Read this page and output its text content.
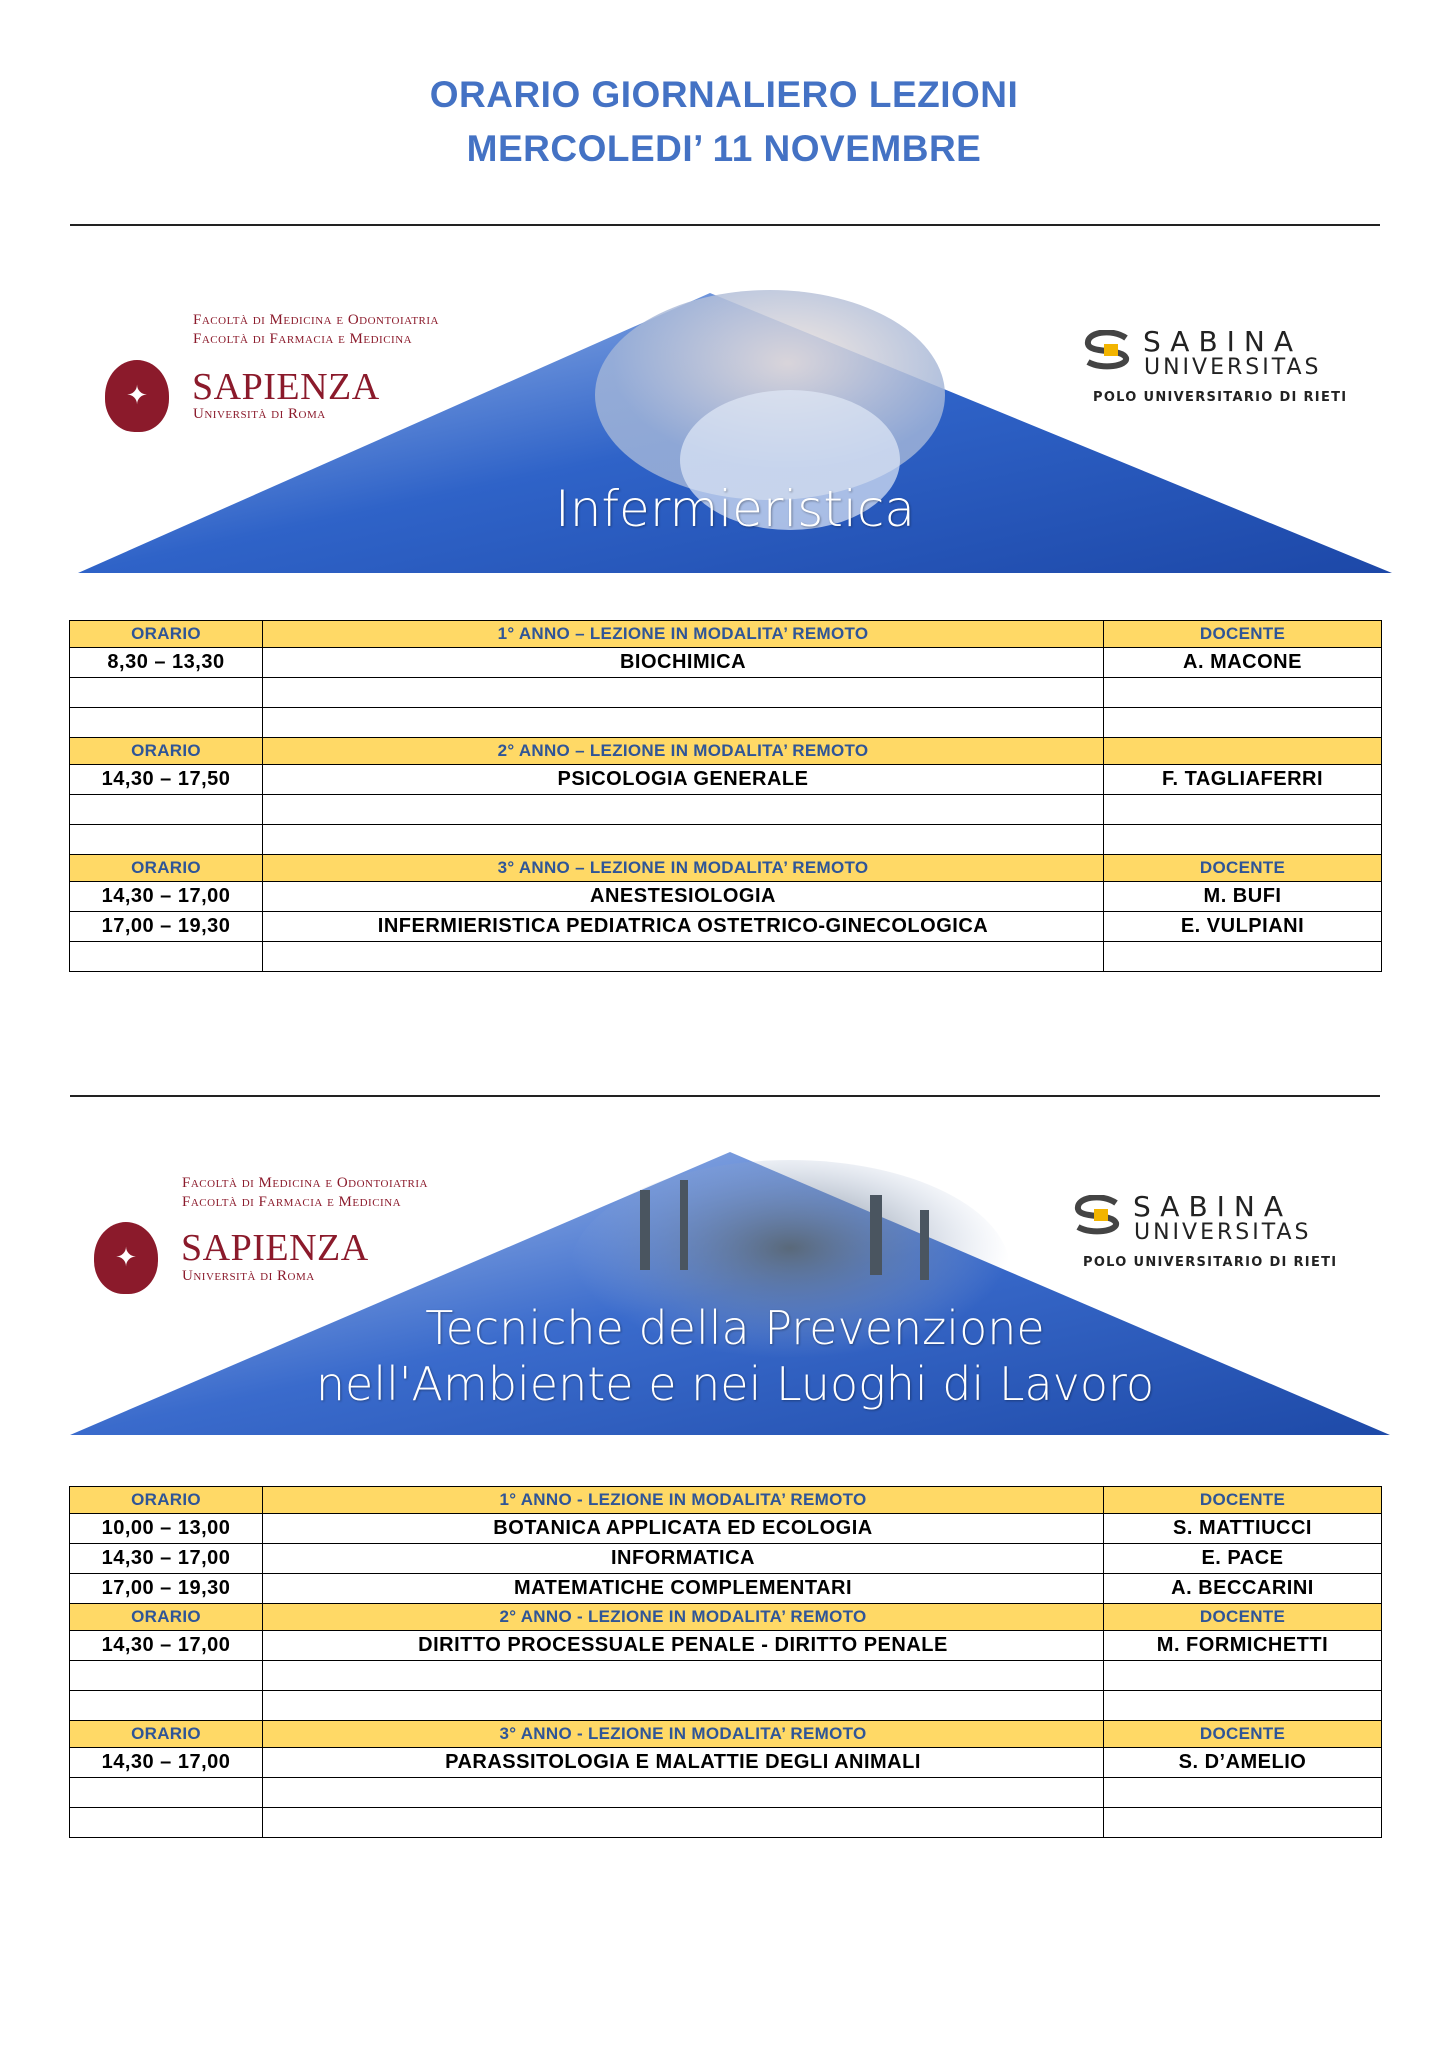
ORARIO GIORNALIERO LEZIONI
MERCOLEDI’ 11 NOVEMBRE
Facoltà di Medicina e Odontoiatria
Facoltà di Farmacia e Medicina
✦	SAPIENZA
Università di Roma
SABINA
UNIVERSITAS
POLO UNIVERSITARIO DI RIETI
Infermieristica
ORARIO	1° ANNO – LEZIONE IN MODALITA’ REMOTO	DOCENTE
8,30 – 13,30	BIOCHIMICA	A. MACONE

ORARIO	2° ANNO – LEZIONE IN MODALITA’ REMOTO	
14,30 – 17,50	PSICOLOGIA GENERALE	F. TAGLIAFERRI

ORARIO	3° ANNO – LEZIONE IN MODALITA’ REMOTO	DOCENTE
14,30 – 17,00	ANESTESIOLOGIA	M. BUFI
17,00 – 19,30	INFERMIERISTICA PEDIATRICA OSTETRICO-GINECOLOGICA	E. VULPIANI

Facoltà di Medicina e Odontoiatria
Facoltà di Farmacia e Medicina
✦	SAPIENZA
Università di Roma
SABINA
UNIVERSITAS
POLO UNIVERSITARIO DI RIETI
Tecniche della Prevenzione
nell'Ambiente e nei Luoghi di Lavoro
ORARIO	1° ANNO - LEZIONE IN MODALITA’ REMOTO	DOCENTE
10,00 – 13,00	BOTANICA APPLICATA ED ECOLOGIA	S. MATTIUCCI
14,30 – 17,00	INFORMATICA	E. PACE
17,00 – 19,30	MATEMATICHE COMPLEMENTARI	A. BECCARINI
ORARIO	2° ANNO - LEZIONE IN MODALITA’ REMOTO	DOCENTE
14,30 – 17,00	DIRITTO PROCESSUALE PENALE - DIRITTO PENALE	M. FORMICHETTI

ORARIO	3° ANNO - LEZIONE IN MODALITA’ REMOTO	DOCENTE
14,30 – 17,00	PARASSITOLOGIA E MALATTIE DEGLI ANIMALI	S. D’AMELIO
